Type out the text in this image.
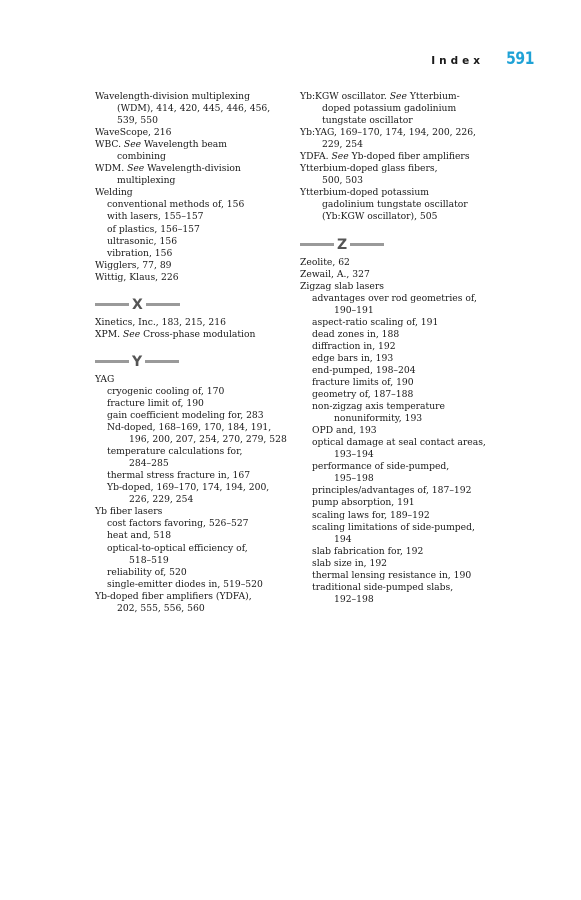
Index 591
Wavelength-division multiplexing
(WDM), 414, 420, 445, 446, 456,
539, 550
WaveScope, 216
WBC. See Wavelength beam
combining
WDM. See Wavelength-division
multiplexing
Welding
conventional methods of, 156
with lasers, 155–157
of plastics, 156–157
ultrasonic, 156
vibration, 156
Wigglers, 77, 89
Wittig, Klaus, 226
X
Xinetics, Inc., 183, 215, 216
XPM. See Cross-phase modulation
Y
YAG
cryogenic cooling of, 170
fracture limit of, 190
gain coefficient modeling for, 283
Nd-doped, 168–169, 170, 184, 191,
196, 200, 207, 254, 270, 279, 528
temperature calculations for,
284–285
thermal stress fracture in, 167
Yb-doped, 169–170, 174, 194, 200,
226, 229, 254
Yb fiber lasers
cost factors favoring, 526–527
heat and, 518
optical-to-optical efficiency of,
518–519
reliability of, 520
single-emitter diodes in, 519–520
Yb-doped fiber amplifiers (YDFA),
202, 555, 556, 560
Yb:KGW oscillator. See Ytterbium-
doped potassium gadolinium
tungstate oscillator
Yb:YAG, 169–170, 174, 194, 200, 226,
229, 254
YDFA. See Yb-doped fiber amplifiers
Ytterbium-doped glass fibers,
500, 503
Ytterbium-doped potassium
gadolinium tungstate oscillator
(Yb:KGW oscillator), 505
Z
Zeolite, 62
Zewail, A., 327
Zigzag slab lasers
advantages over rod geometries of,
190–191
aspect-ratio scaling of, 191
dead zones in, 188
diffraction in, 192
edge bars in, 193
end-pumped, 198–204
fracture limits of, 190
geometry of, 187–188
non-zigzag axis temperature
nonuniformity, 193
OPD and, 193
optical damage at seal contact areas,
193–194
performance of side-pumped,
195–198
principles/advantages of, 187–192
pump absorption, 191
scaling laws for, 189–192
scaling limitations of side-pumped,
194
slab fabrication for, 192
slab size in, 192
thermal lensing resistance in, 190
traditional side-pumped slabs,
192–198
